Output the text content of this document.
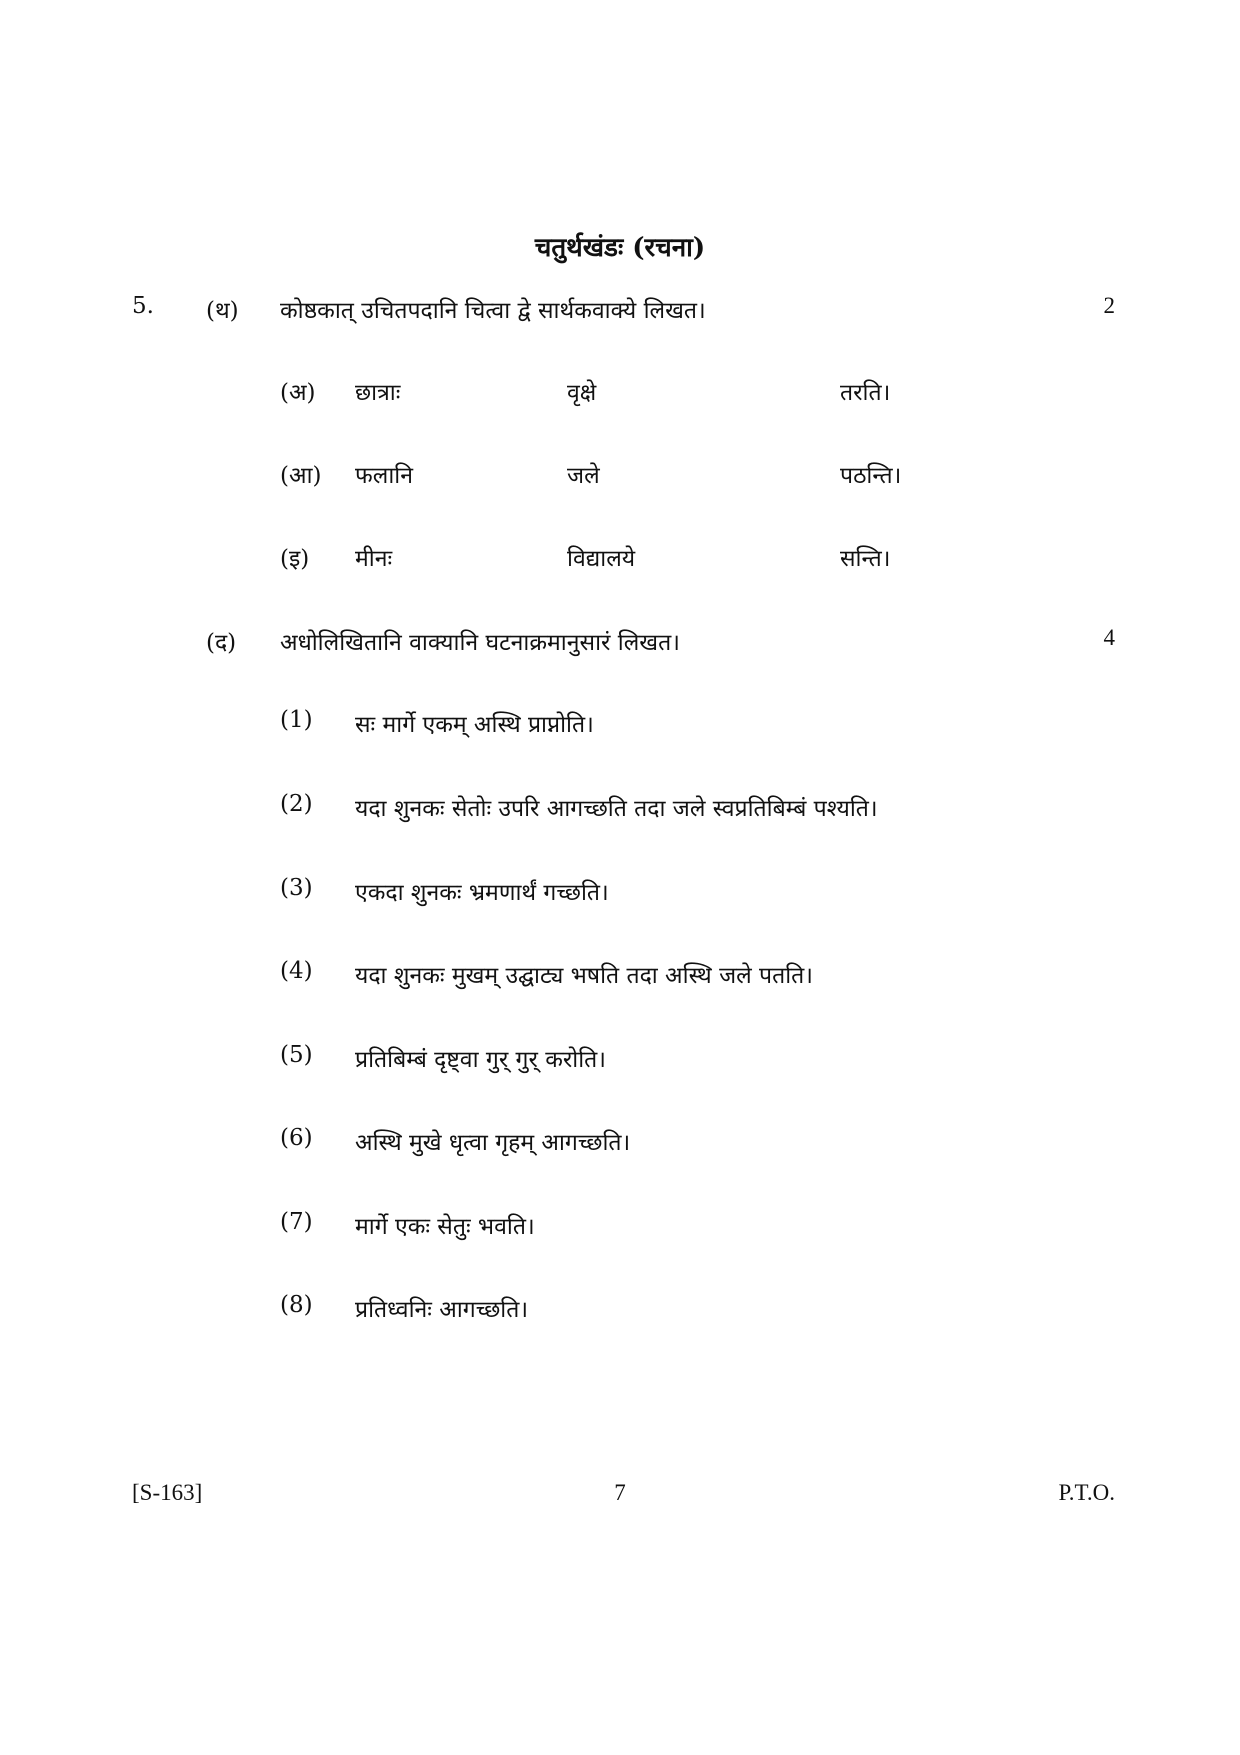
चतुर्थखंडः (रचना)
5. (थ) कोष्ठकात् उचितपदानि चित्वा द्वे सार्थकवाक्ये लिखत।	2
(अ) छात्राः	वृक्षे	तरति।
(आ) फलानि	जले	पठन्ति।
(इ) मीनः	विद्यालये	सन्ति।
(द) अधोलिखितानि वाक्यानि घटनाक्रमानुसारं लिखत।	4
(1) सः मार्गे एकम् अस्थि प्राप्नोति।
(2) यदा शुनकः सेतोः उपरि आगच्छति तदा जले स्वप्रतिबिम्बं पश्यति।
(3) एकदा शुनकः भ्रमणार्थं गच्छति।
(4) यदा शुनकः मुखम् उद्घाट्य भषति तदा अस्थि जले पतति।
(5) प्रतिबिम्बं दृष्ट्वा गुर् गुर् करोति।
(6) अस्थि मुखे धृत्वा गृहम् आगच्छति।
(7) मार्गे एकः सेतुः भवति।
(8) प्रतिध्वनिः आगच्छति।
[S-163]	7	P.T.O.
